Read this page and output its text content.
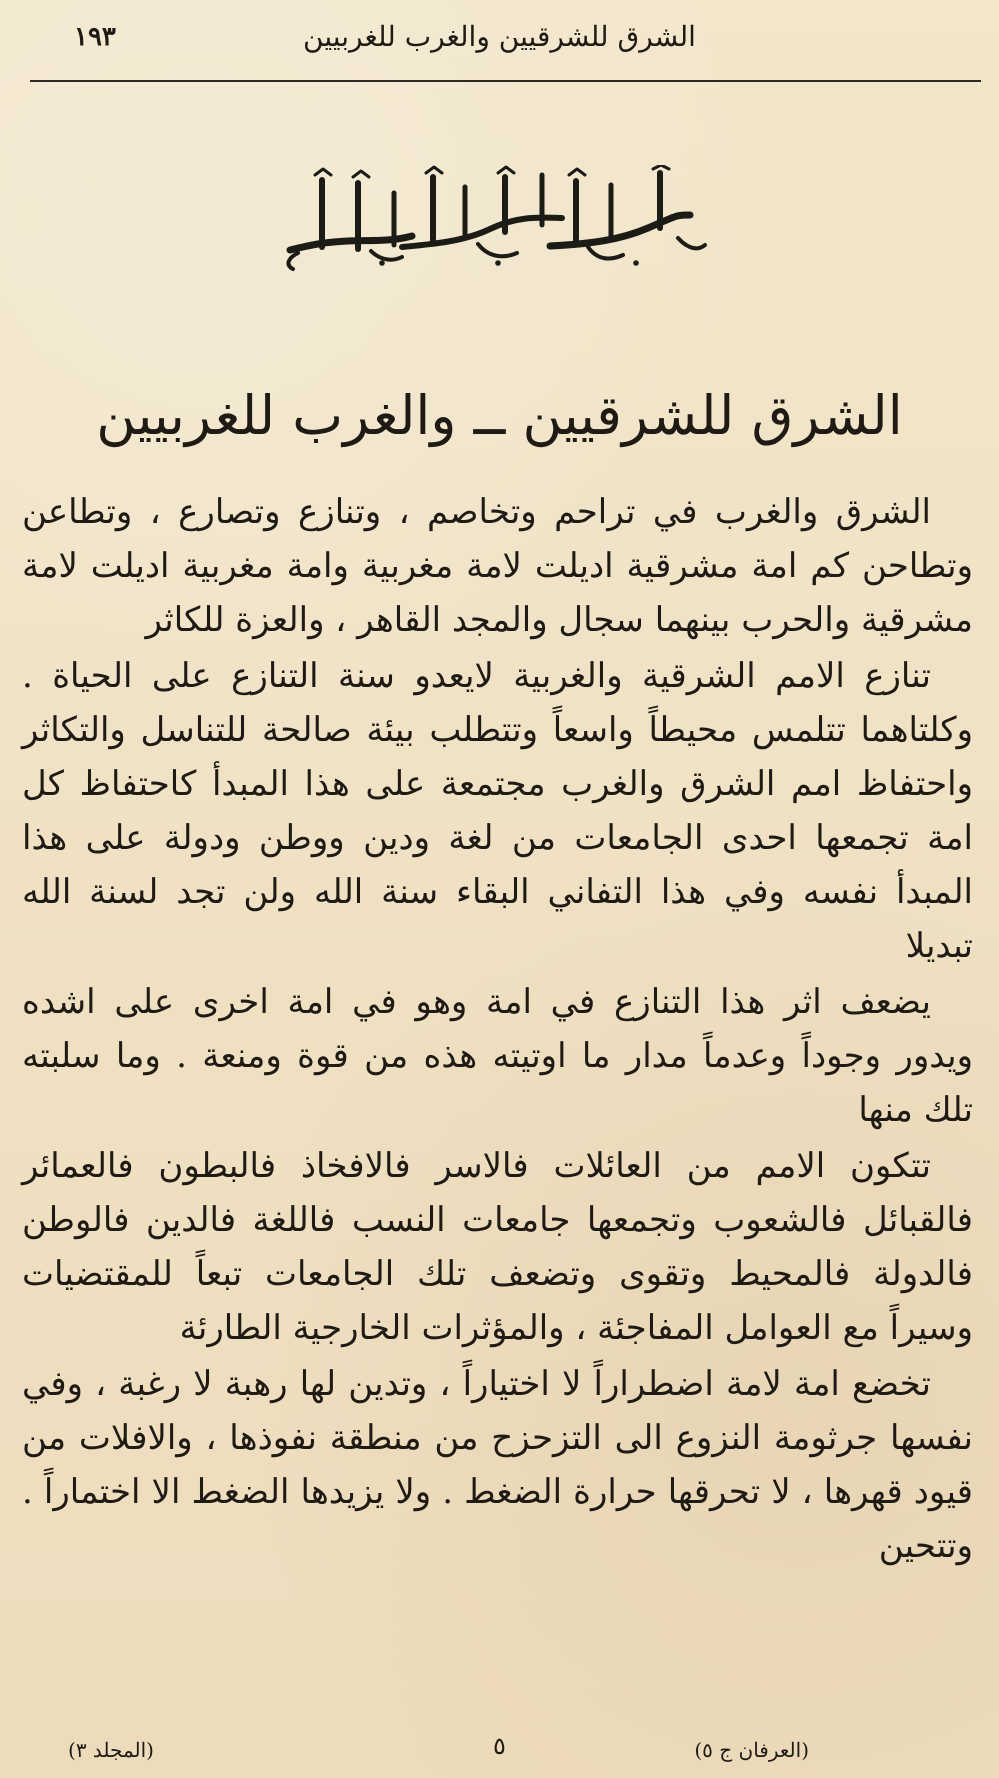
١٩٣	الشرق للشرقيين والغرب للغربيين
الشرق للشرقيين ــ والغرب للغربيين

الشرق والغرب في تراحم وتخاصم ، وتنازع وتصارع ، وتطاعن وتطاحن كم امة مشرقية اديلت لامة مغربية وامة مغربية اديلت لامة مشرقية والحرب بينهما سجال والمجد القاهر ، والعزة للكاثر

تنازع الامم الشرقية والغربية لايعدو سنة التنازع على الحياة . وكلتاهما تتلمس محيطاً واسعاً وتتطلب بيئة صالحة للتناسل والتكاثر واحتفاظ امم الشرق والغرب مجتمعة على هذا المبدأ كاحتفاظ كل امة تجمعها احدى الجامعات من لغة ودين ووطن ودولة على هذا المبدأ نفسه وفي هذا التفاني البقاء سنة الله ولن تجد لسنة الله تبديلا

يضعف اثر هذا التنازع في امة وهو في امة اخرى على اشده ويدور وجوداً وعدماً مدار ما اوتيته هذه من قوة ومنعة . وما سلبته تلك منها

تتكون الامم من العائلات فالاسر فالافخاذ فالبطون فالعمائر فالقبائل فالشعوب وتجمعها جامعات النسب فاللغة فالدين فالوطن فالدولة فالمحيط وتقوى وتضعف تلك الجامعات تبعاً للمقتضيات وسيراً مع العوامل المفاجئة ، والمؤثرات الخارجية الطارئة

تخضع امة لامة اضطراراً لا اختياراً ، وتدين لها رهبة لا رغبة ، وفي نفسها جرثومة النزوع الى التزحزح من منطقة نفوذها ، والافلات من قيود قهرها ، لا تحرقها حرارة الضغط . ولا يزيدها الضغط الا اختماراً . وتتحين

(المجلد ٣)	٥	(العرفان ج ٥)
